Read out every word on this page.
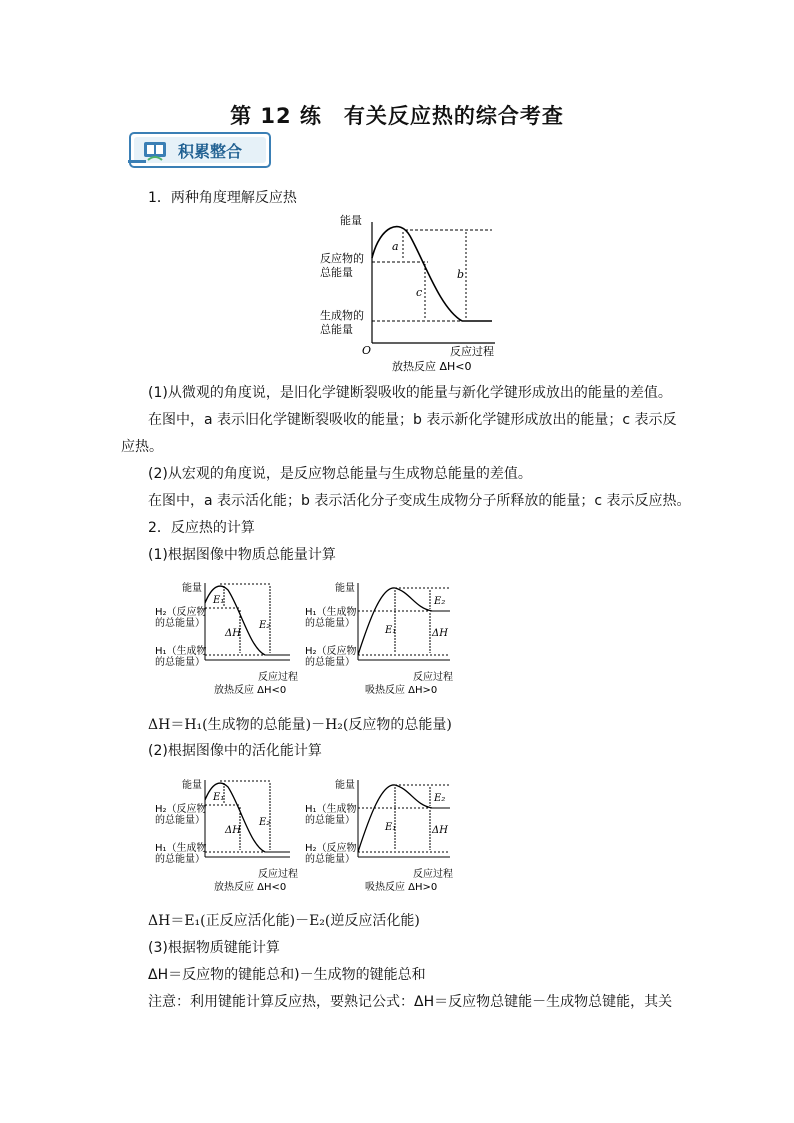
第 12 练　有关反应热的综合考查
积累整合
1．两种角度理解反应热
能量
反应物的
总能量
生成物的
总能量
O	反应过程
放热反应 ΔH<0
a
c
b
(1)从微观的角度说，是旧化学键断裂吸收的能量与新化学键形成放出的能量的差值。
在图中，a 表示旧化学键断裂吸收的能量；b 表示新化学键形成放出的能量；c 表示反
应热。
(2)从宏观的角度说，是反应物总能量与生成物总能量的差值。
在图中，a 表示活化能；b 表示活化分子变成生成物分子所释放的能量；c 表示反应热。
2．反应热的计算
(1)根据图像中物质总能量计算
能量
H₂（反应物
的总能量）
H₁（生成物
的总能量）
E₁
ΔH
E₂
反应过程
放热反应 ΔH<0
能量
H₁（生成物
的总能量）
H₂（反应物
的总能量）
E₁
E₂
ΔH
反应过程
吸热反应 ΔH>0
ΔH＝H₁(生成物的总能量)－H₂(反应物的总能量)
(2)根据图像中的活化能计算
能量
H₂（反应物
的总能量）
H₁（生成物
的总能量）
E₁
ΔH
E₂
反应过程
放热反应 ΔH<0
能量
H₁（生成物
的总能量）
H₂（反应物
的总能量）
E₁
E₂
ΔH
反应过程
吸热反应 ΔH>0
ΔH＝E₁(正反应活化能)－E₂(逆反应活化能)
(3)根据物质键能计算
ΔH＝反应物的键能总和)－生成物的键能总和
注意：利用键能计算反应热，要熟记公式：ΔH＝反应物总键能－生成物总键能，其关
